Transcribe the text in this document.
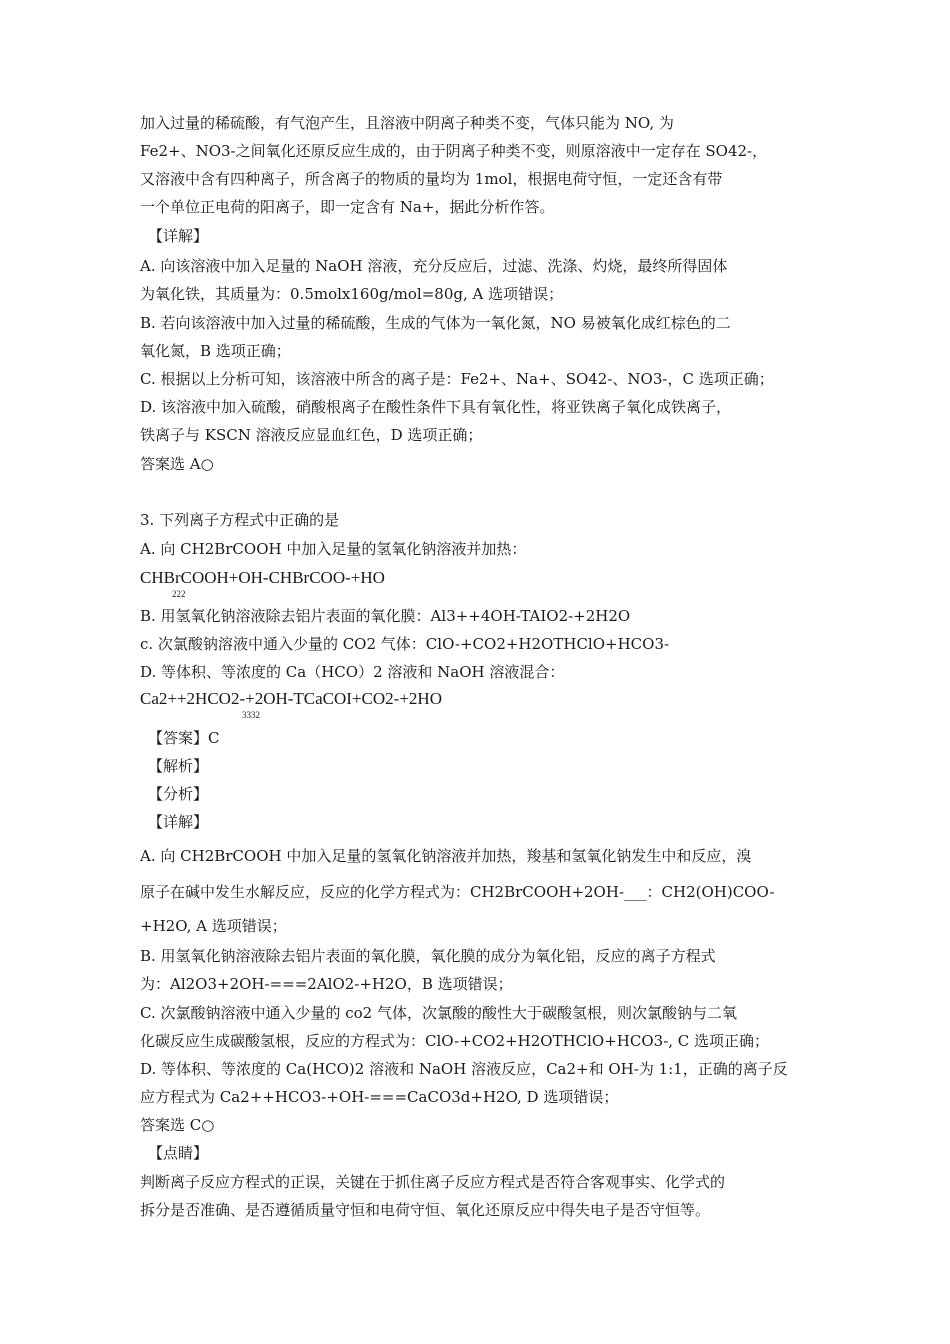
加入过量的稀硫酸，有气泡产生，且溶液中阴离子种类不变，气体只能为 NO, 为
Fe2+、NO3-之间氧化还原反应生成的，由于阴离子种类不变，则原溶液中一定存在 SO42-，
又溶液中含有四种离子，所含离子的物质的量均为 1mol，根据电荷守恒，一定还含有带
一个单位正电荷的阳离子，即一定含有 Na+，据此分析作答。
【详解】
A. 向该溶液中加入足量的 NaOH 溶液，充分反应后，过滤、洗涤、灼烧，最终所得固体
为氧化铁，其质量为：0.5molx160g/mol=80g, A 选项错误；
B. 若向该溶液中加入过量的稀硫酸，生成的气体为一氧化氮，NO 易被氧化成红棕色的二
氧化氮，B 选项正确；
C. 根据以上分析可知，该溶液中所含的离子是：Fe2+、Na+、SO42-、NO3-，C 选项正确；
D. 该溶液中加入硫酸，硝酸根离子在酸性条件下具有氧化性，将亚铁离子氧化成铁离子，
铁离子与 KSCN 溶液反应显血红色，D 选项正确；
答案选 A○
3. 下列离子方程式中正确的是
A. 向 CH2BrCOOH 中加入足量的氢氧化钠溶液并加热：
CHBrCOOH+OH-CHBrCOO-+HO
222
B. 用氢氧化钠溶液除去铝片表面的氧化膜：Al3++4OH-TAIO2-+2H2O
c. 次氯酸钠溶液中通入少量的 CO2 气体：ClO-+CO2+H2OTHClO+HCO3-
D. 等体积、等浓度的 Ca（HCO）2 溶液和 NaOH 溶液混合：
Ca2++2HCO2-+2OH-TCaCOI+CO2-+2HO
3332
【答案】C
【解析】
【分析】
【详解】
A. 向 CH2BrCOOH 中加入足量的氢氧化钠溶液并加热，羧基和氢氧化钠发生中和反应，溴
原子在碱中发生水解反应，反应的化学方程式为：CH2BrCOOH+2OH-___：CH2(OH)COO-
+H2O, A 选项错误；
B. 用氢氧化钠溶液除去铝片表面的氧化膜，氧化膜的成分为氧化铝，反应的离子方程式
为：Al2O3+2OH-===2AlO2-+H2O，B 选项错误；
C. 次氯酸钠溶液中通入少量的 co2 气体，次氯酸的酸性大于碳酸氢根，则次氯酸钠与二氧
化碳反应生成碳酸氢根，反应的方程式为：ClO-+CO2+H2OTHClO+HCO3-, C 选项正确；
D. 等体积、等浓度的 Ca(HCO)2 溶液和 NaOH 溶液反应，Ca2+和 OH-为 1:1，正确的离子反
应方程式为 Ca2++HCO3-+OH-===CaCO3d+H2O, D 选项错误；
答案选 C○
【点睛】
判断离子反应方程式的正误，关键在于抓住离子反应方程式是否符合客观事实、化学式的
拆分是否准确、是否遵循质量守恒和电荷守恒、氧化还原反应中得失电子是否守恒等。
